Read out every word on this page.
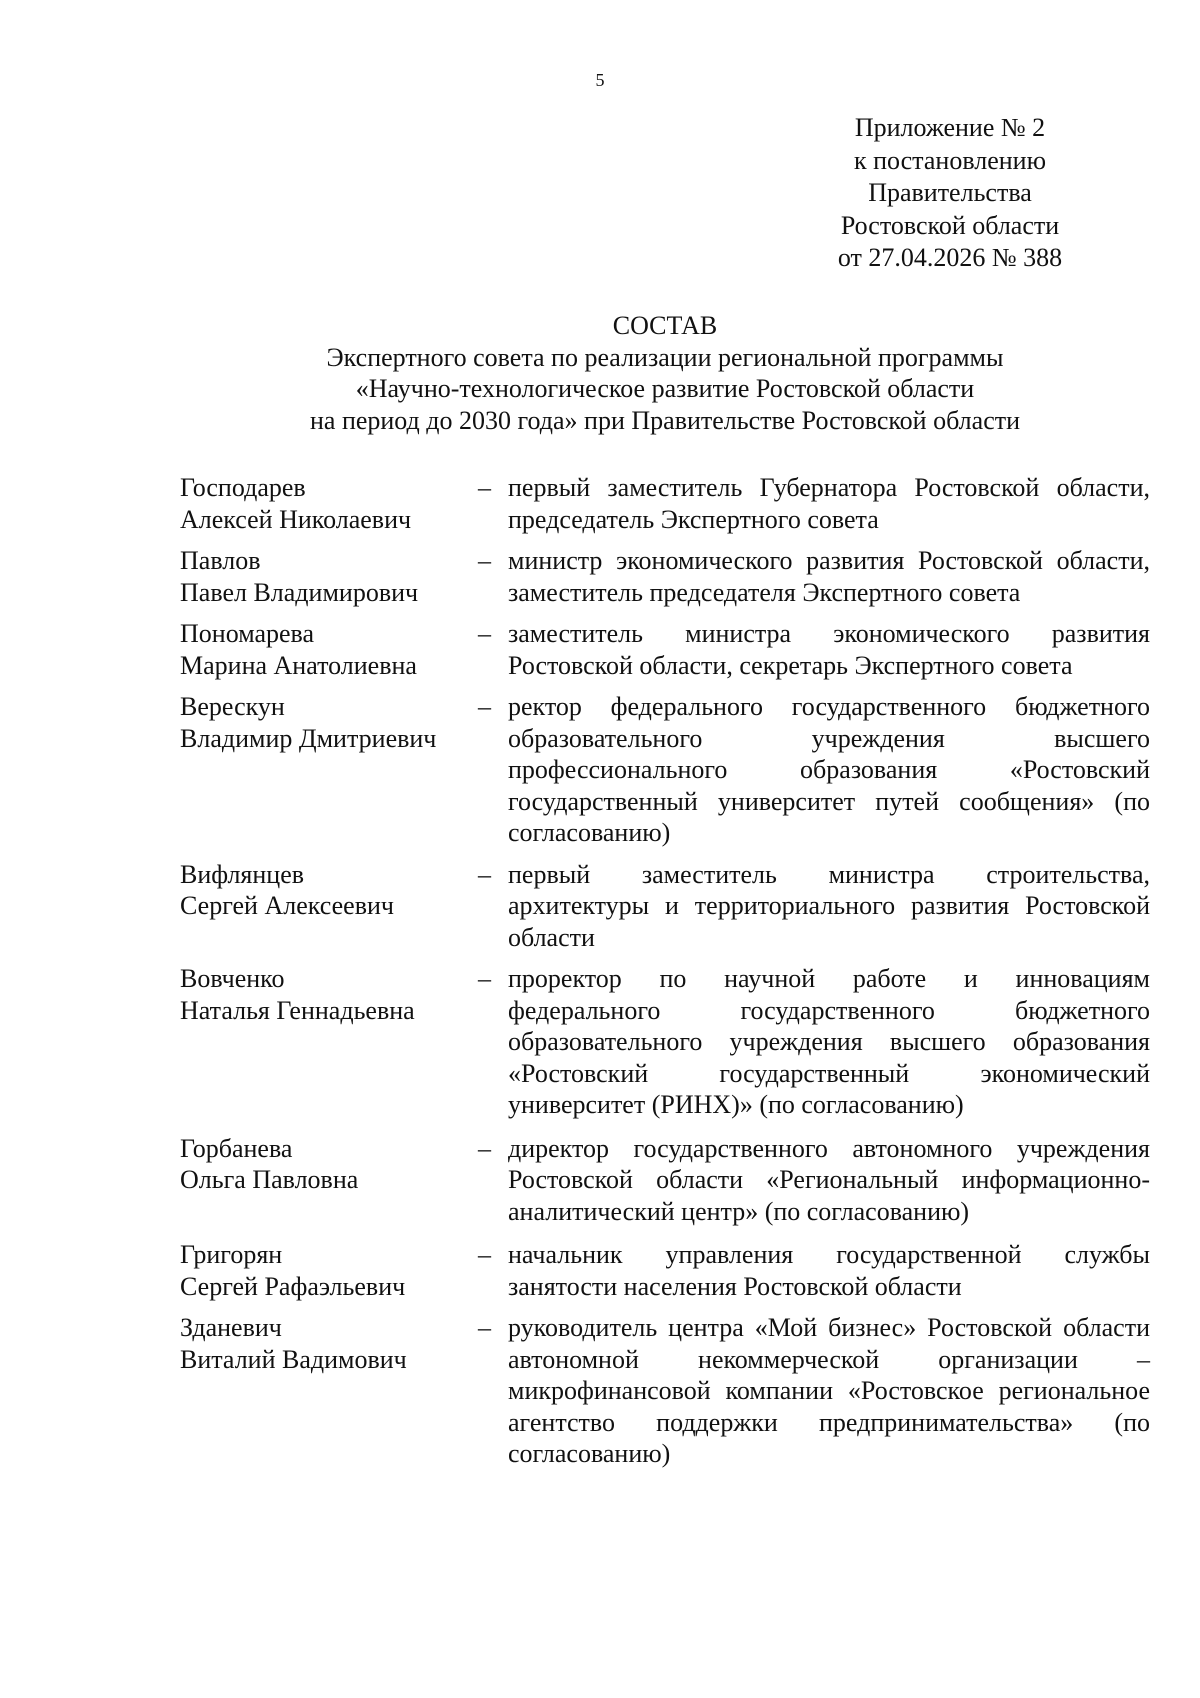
5
Приложение № 2
к постановлению
Правительства
Ростовской области
от 27.04.2026 № 388
СОСТАВ
Экспертного совета по реализации региональной программы
«Научно-технологическое развитие Ростовской области
на период до 2030 года» при Правительстве Ростовской области
Господарев
Алексей Николаевич
– первый заместитель Губернатора Ростовской области, председатель Экспертного совета
Павлов
Павел Владимирович
– министр экономического развития Ростовской области, заместитель председателя Экспертного совета
Пономарева
Марина Анатолиевна
– заместитель министра экономического развития Ростовской области, секретарь Экспертного совета
Верескун
Владимир Дмитриевич
– ректор федерального государственного бюджетного образовательного учреждения высшего профессионального образования «Ростовский государственный университет путей сообщения» (по согласованию)
Вифлянцев
Сергей Алексеевич
– первый заместитель министра строительства, архитектуры и территориального развития Ростовской области
Вовченко
Наталья Геннадьевна
– проректор по научной работе и инновациям федерального государственного бюджетного образовательного учреждения высшего образования «Ростовский государственный экономический университет (РИНХ)» (по согласованию)
Горбанева
Ольга Павловна
– директор государственного автономного учреждения Ростовской области «Региональный информационно-аналитический центр» (по согласованию)
Григорян
Сергей Рафаэльевич
– начальник управления государственной службы занятости населения Ростовской области
Зданевич
Виталий Вадимович
– руководитель центра «Мой бизнес» Ростовской области автономной некоммерческой организации – микрофинансовой компании «Ростовское региональное агентство поддержки предпринимательства» (по согласованию)
